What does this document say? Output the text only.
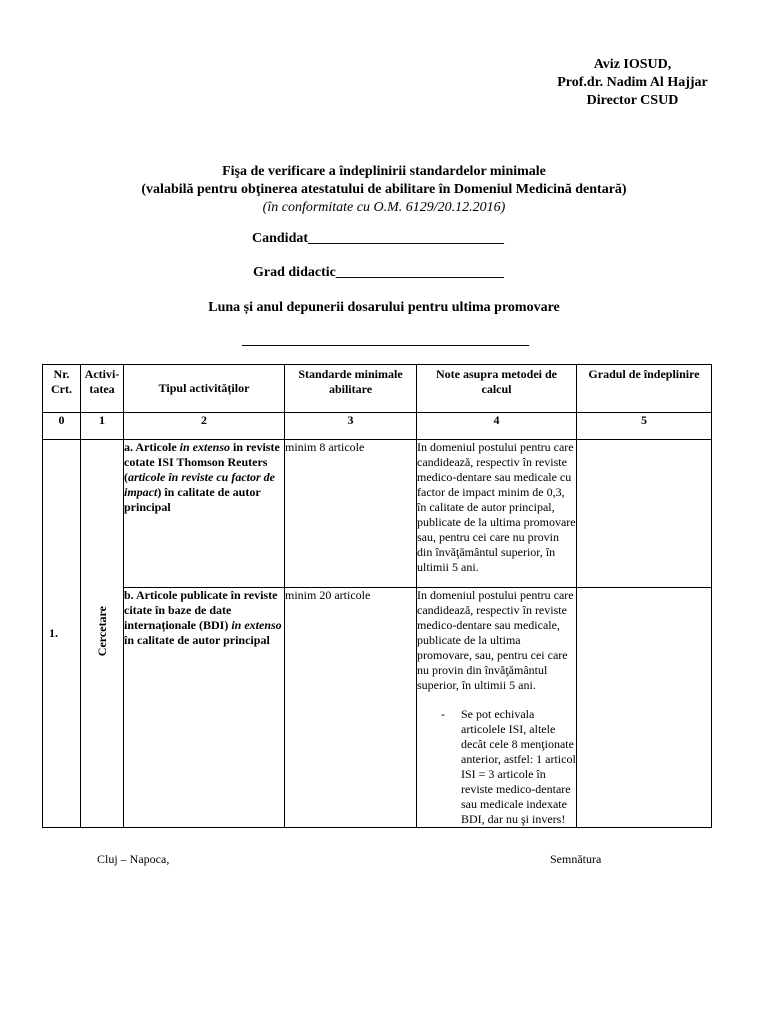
Aviz IOSUD,
Prof.dr. Nadim Al Hajjar
Director CSUD
Fişa de verificare a îndeplinirii standardelor minimale
(valabilă pentru obţinerea atestatului de abilitare în Domeniul Medicină dentară)
(în conformitate cu O.M. 6129/20.12.2016)
Candidat____________________________
Grad didactic________________________
Luna și anul depunerii dosarului pentru ultima promovare
_________________________________________
Nr. Crt.	Activi-tatea	Tipul activităților	Standarde minimale abilitare	Note asupra metodei de calcul	Gradul de îndeplinire
0	1	2	3	4	5
1.	Cercetare	a. Articole in extenso in reviste cotate ISI Thomson Reuters (articole în reviste cu factor de impact) în calitate de autor principal	minim 8 articole	In domeniul postului pentru care candidează, respectiv în reviste medico-dentare sau medicale cu factor de impact minim de 0,3, în calitate de autor principal, publicate de la ultima promovare sau, pentru cei care nu provin din învăţământul superior, în ultimii 5 ani.	
		b. Articole publicate în reviste citate în baze de date internaționale (BDI) in extenso în calitate de autor principal	minim 20 articole	In domeniul postului pentru care candidează, respectiv în reviste medico-dentare sau medicale, publicate de la ultima promovare, sau, pentru cei care nu provin din învăţământul superior, în ultimii 5 ani.
- Se pot echivala articolele ISI, altele decât cele 8 menţionate anterior, astfel: 1 articol ISI = 3 articole în reviste medico-dentare sau medicale indexate BDI, dar nu şi invers!	

Cluj – Napoca,	Semnătura
